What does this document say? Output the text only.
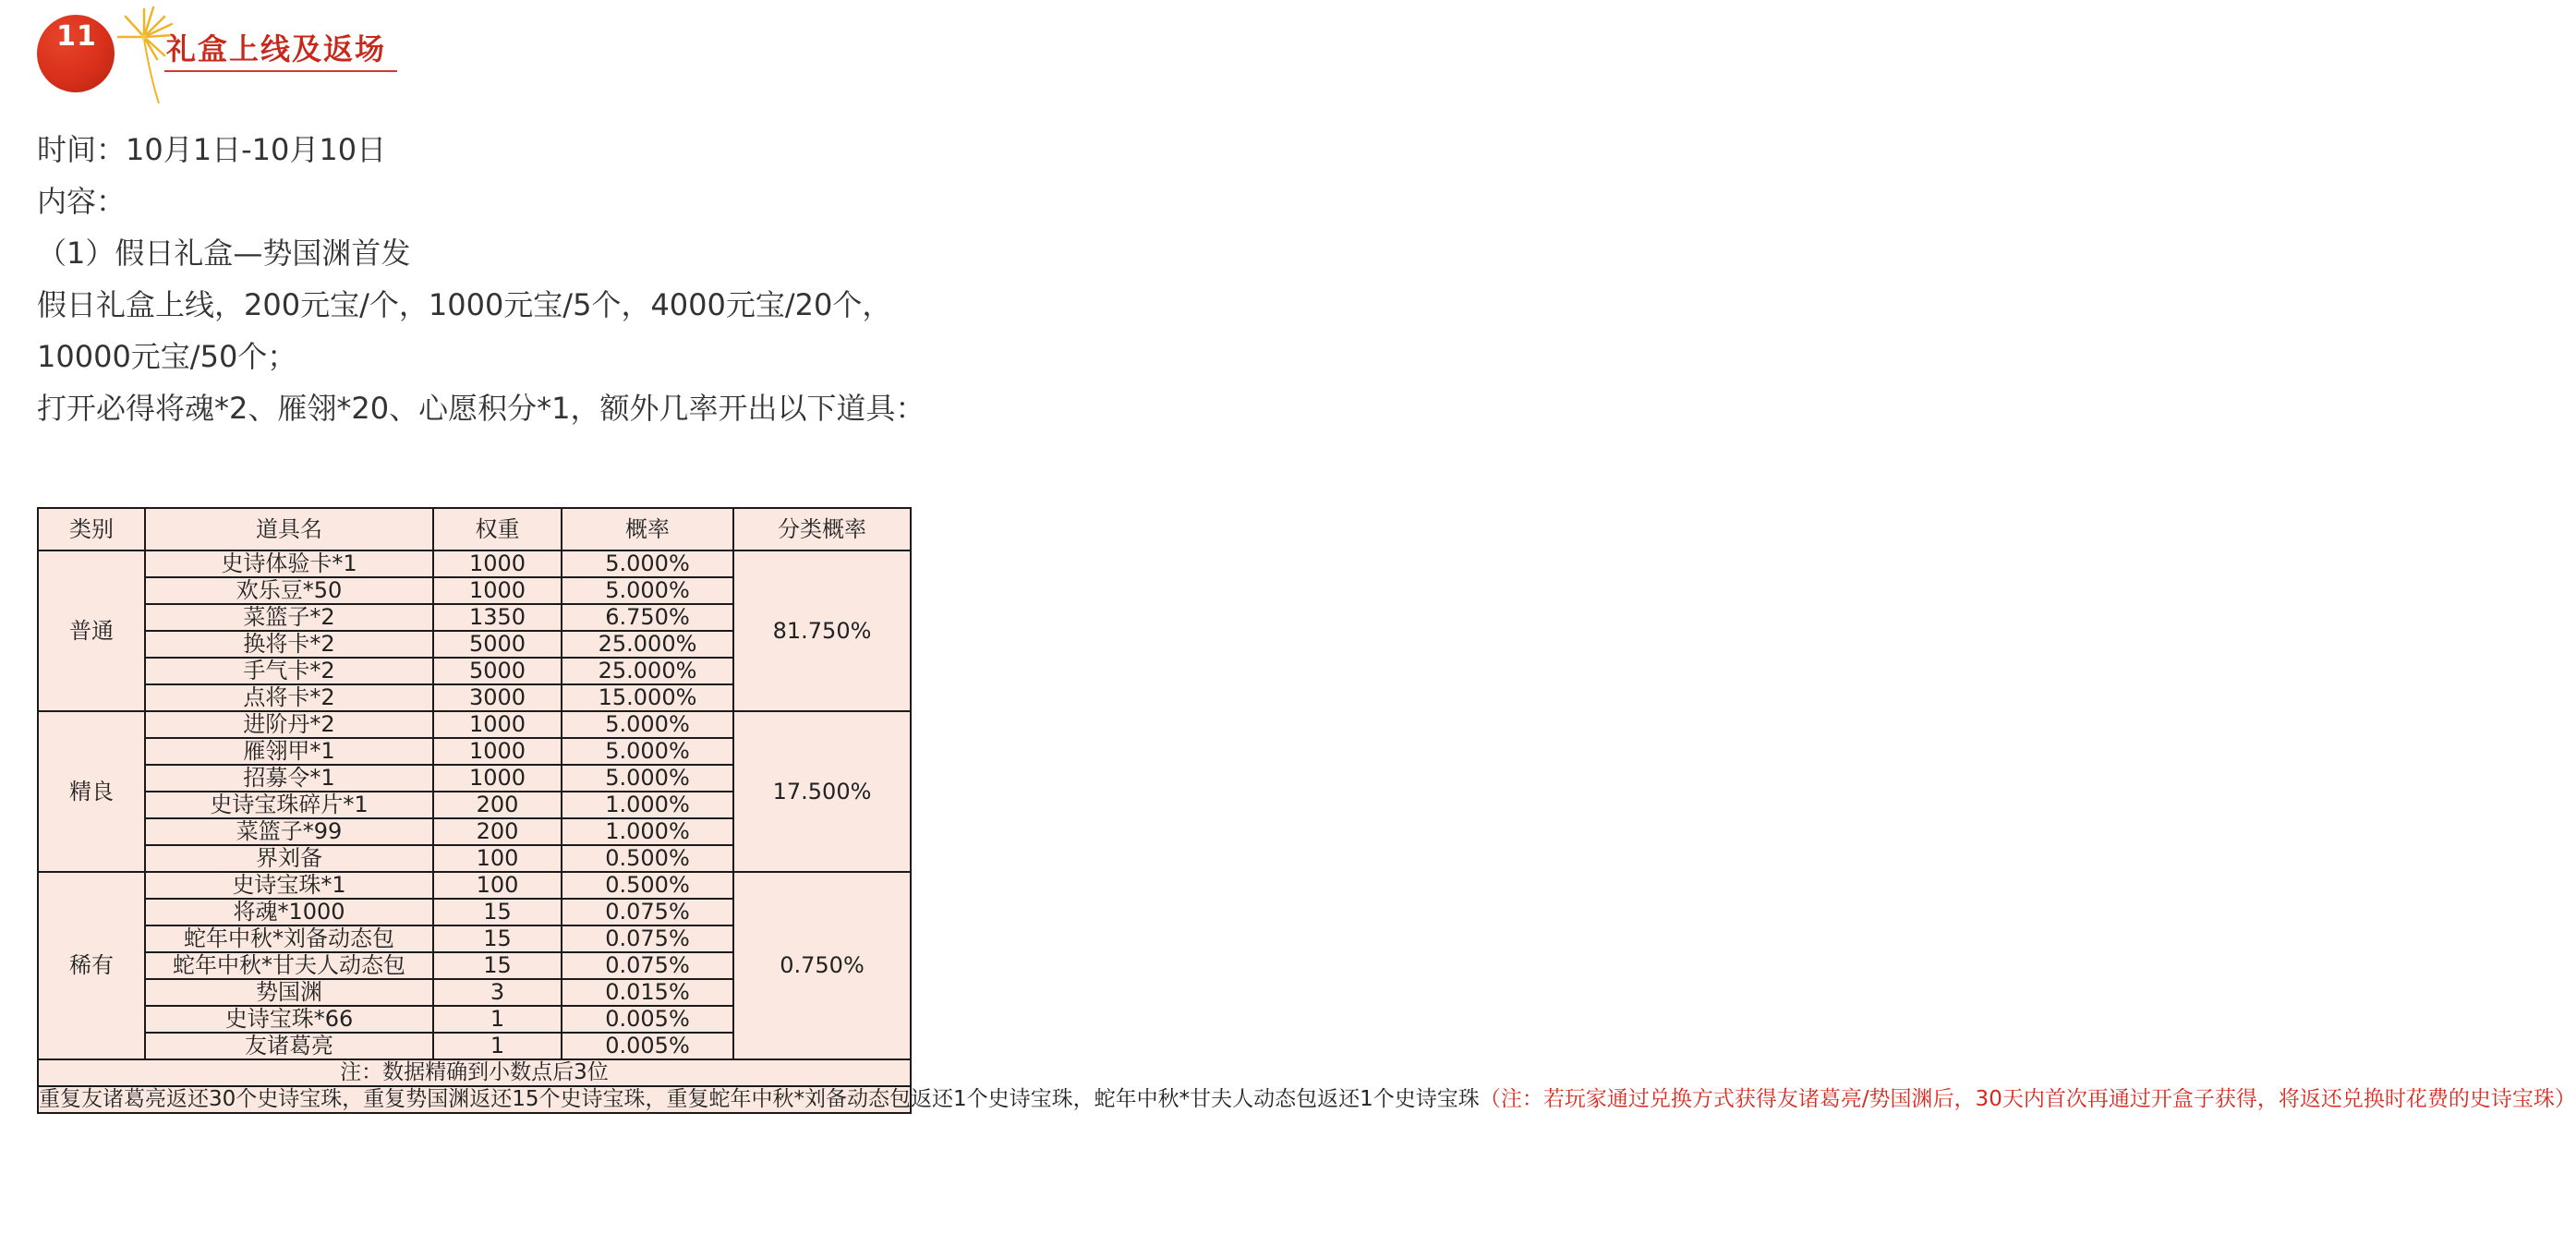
11	礼盒上线及返场

时间：10月1日-10月10日

内容：

（1）假日礼盒—势国渊首发

假日礼盒上线，200元宝/个，1000元宝/5个，4000元宝/20个，10000元宝/50个；

打开必得将魂*2、雁翎*20、心愿积分*1，额外几率开出以下道具：

类别	道具名	权重	概率	分类概率
普通	史诗体验卡*1	1000	5.000%	81.750%
	欢乐豆*50	1000	5.000%	
	菜篮子*2	1350	6.750%	
	换将卡*2	5000	25.000%	
	手气卡*2	5000	25.000%	
	点将卡*2	3000	15.000%	
精良	进阶丹*2	1000	5.000%	17.500%
	雁翎甲*1	1000	5.000%	
	招募令*1	1000	5.000%	
	史诗宝珠碎片*1	200	1.000%	
	菜篮子*99	200	1.000%	
	界刘备	100	0.500%	
稀有	史诗宝珠*1	100	0.500%	0.750%
	将魂*1000	15	0.075%	
	蛇年中秋*刘备动态包	15	0.075%	
	蛇年中秋*甘夫人动态包	15	0.075%	
	势国渊	3	0.015%	
	史诗宝珠*66	1	0.005%	
	友诸葛亮	1	0.005%	
注：数据精确到小数点后3位				
重复友诸葛亮返还30个史诗宝珠，重复势国渊返还15个史诗宝珠，重复蛇年中秋*刘备动态包返还1个史诗宝珠，蛇年中秋*甘夫人动态包返还1个史诗宝珠（注：若玩家通过兑换方式获得友诸葛亮/势国渊后，30天内首次再通过开盒子获得，将返还兑换时花费的史诗宝珠）				
